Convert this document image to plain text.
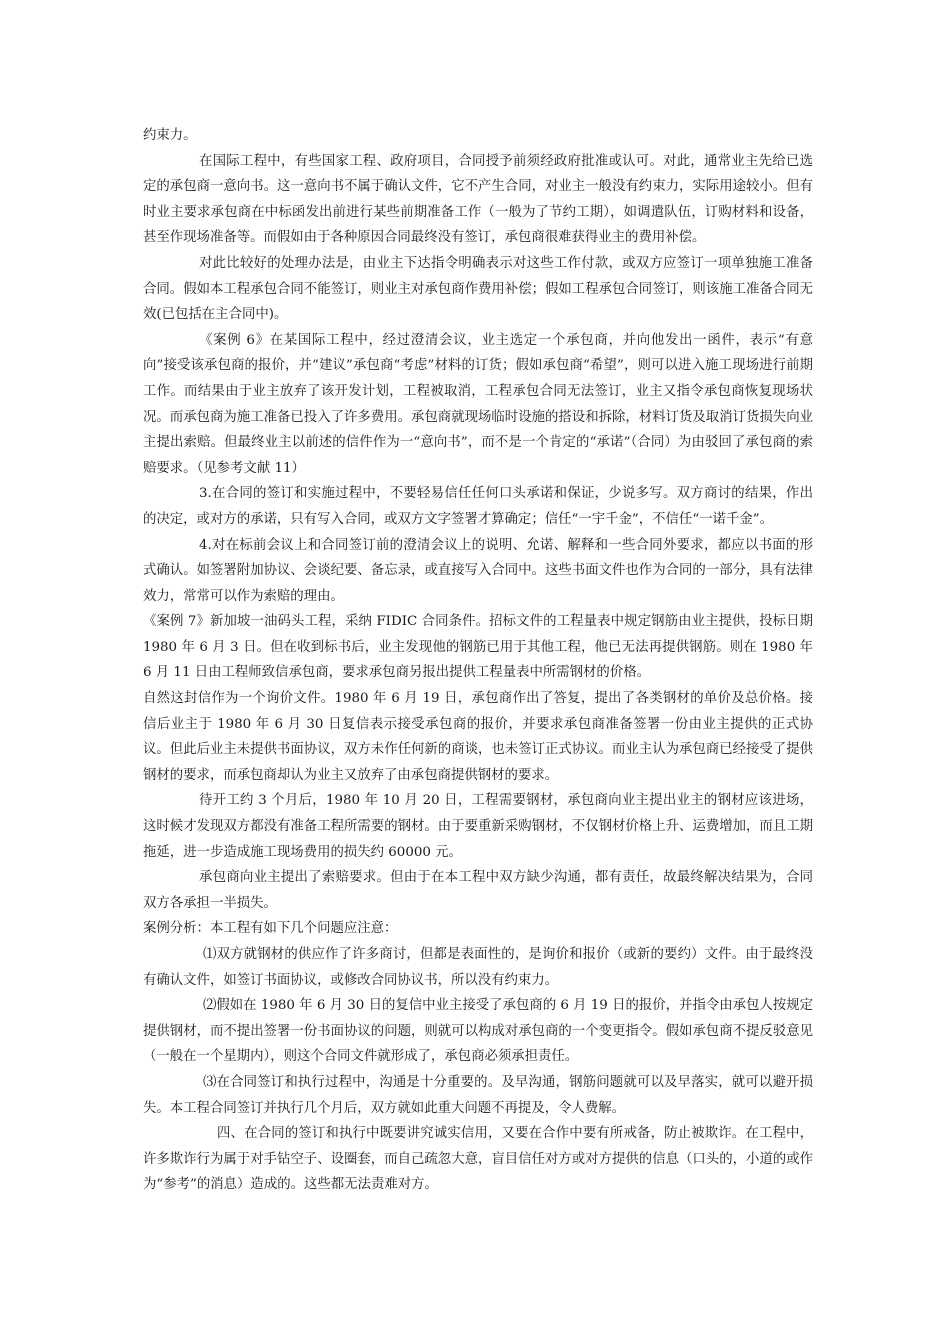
约束力。

在国际工程中，有些国家工程、政府项目，合同授予前须经政府批准或认可。对此，通常业主先给已选定的承包商一意向书。这一意向书不属于确认文件，它不产生合同，对业主一般没有约束力，实际用途较小。但有时业主要求承包商在中标函发出前进行某些前期准备工作（一般为了节约工期），如调遣队伍，订购材料和设备，甚至作现场准备等。而假如由于各种原因合同最终没有签订，承包商很难获得业主的费用补偿。

对此比较好的处理办法是，由业主下达指令明确表示对这些工作付款，或双方应签订一项单独施工准备合同。假如本工程承包合同不能签订，则业主对承包商作费用补偿；假如工程承包合同签订，则该施工准备合同无效(已包括在主合同中)。

《案例 6》在某国际工程中，经过澄清会议，业主选定一个承包商，并向他发出一函件，表示“有意向”接受该承包商的报价，并“建议”承包商“考虑”材料的订货；假如承包商“希望”，则可以进入施工现场进行前期工作。而结果由于业主放弃了该开发计划，工程被取消，工程承包合同无法签订，业主又指令承包商恢复现场状况。而承包商为施工准备已投入了许多费用。承包商就现场临时设施的搭设和拆除，材料订货及取消订货损失向业主提出索赔。但最终业主以前述的信件作为一“意向书”，而不是一个肯定的“承诺”（合同）为由驳回了承包商的索赔要求。（见参考文献 11）

3.在合同的签订和实施过程中，不要轻易信任任何口头承诺和保证，少说多写。双方商讨的结果，作出的决定，或对方的承诺，只有写入合同，或双方文字签署才算确定；信任“一宇千金”，不信任“一诺千金”。

4.对在标前会议上和合同签订前的澄清会议上的说明、允诺、解释和一些合同外要求，都应以书面的形式确认。如签署附加协议、会谈纪要、备忘录，或直接写入合同中。这些书面文件也作为合同的一部分，具有法律效力，常常可以作为索赔的理由。

《案例 7》新加坡一油码头工程，采纳 FIDIC 合同条件。招标文件的工程量表中规定钢筋由业主提供，投标日期 1980 年 6 月 3 日。但在收到标书后，业主发现他的钢筋已用于其他工程，他已无法再提供钢筋。则在 1980 年 6 月 11 日由工程师致信承包商，要求承包商另报出提供工程量表中所需钢材的价格。

自然这封信作为一个询价文件。1980 年 6 月 19 日，承包商作出了答复，提出了各类钢材的单价及总价格。接信后业主于 1980 年 6 月 30 日复信表示接受承包商的报价，并要求承包商准备签署一份由业主提供的正式协议。但此后业主未提供书面协议，双方未作任何新的商谈，也未签订正式协议。而业主认为承包商已经接受了提供钢材的要求，而承包商却认为业主又放弃了由承包商提供钢材的要求。

待开工约 3 个月后，1980 年 10 月 20 日，工程需要钢材，承包商向业主提出业主的钢材应该进场，这时候才发现双方都没有准备工程所需要的钢材。由于要重新采购钢材，不仅钢材价格上升、运费增加，而且工期拖延，进一步造成施工现场费用的损失约 60000 元。

承包商向业主提出了索赔要求。但由于在本工程中双方缺少沟通，都有责任，故最终解决结果为，合同双方各承担一半损失。

案例分析：本工程有如下几个问题应注意：

⑴双方就钢材的供应作了许多商讨，但都是表面性的，是询价和报价（或新的要约）文件。由于最终没有确认文件，如签订书面协议，或修改合同协议书，所以没有约束力。

⑵假如在 1980 年 6 月 30 日的复信中业主接受了承包商的 6 月 19 日的报价，并指令由承包人按规定提供钢材，而不提出签署一份书面协议的问题，则就可以构成对承包商的一个变更指令。假如承包商不提反驳意见（一般在一个星期内），则这个合同文件就形成了，承包商必须承担责任。

⑶在合同签订和执行过程中，沟通是十分重要的。及早沟通，钢筋问题就可以及早落实，就可以避开损失。本工程合同签订并执行几个月后，双方就如此重大问题不再提及，令人费解。

四、在合同的签订和执行中既要讲究诚实信用，又要在合作中要有所戒备，防止被欺诈。在工程中，许多欺诈行为属于对手钻空子、设圈套，而自己疏忽大意，盲目信任对方或对方提供的信息（口头的，小道的或作为“参考”的消息）造成的。这些都无法责难对方。
